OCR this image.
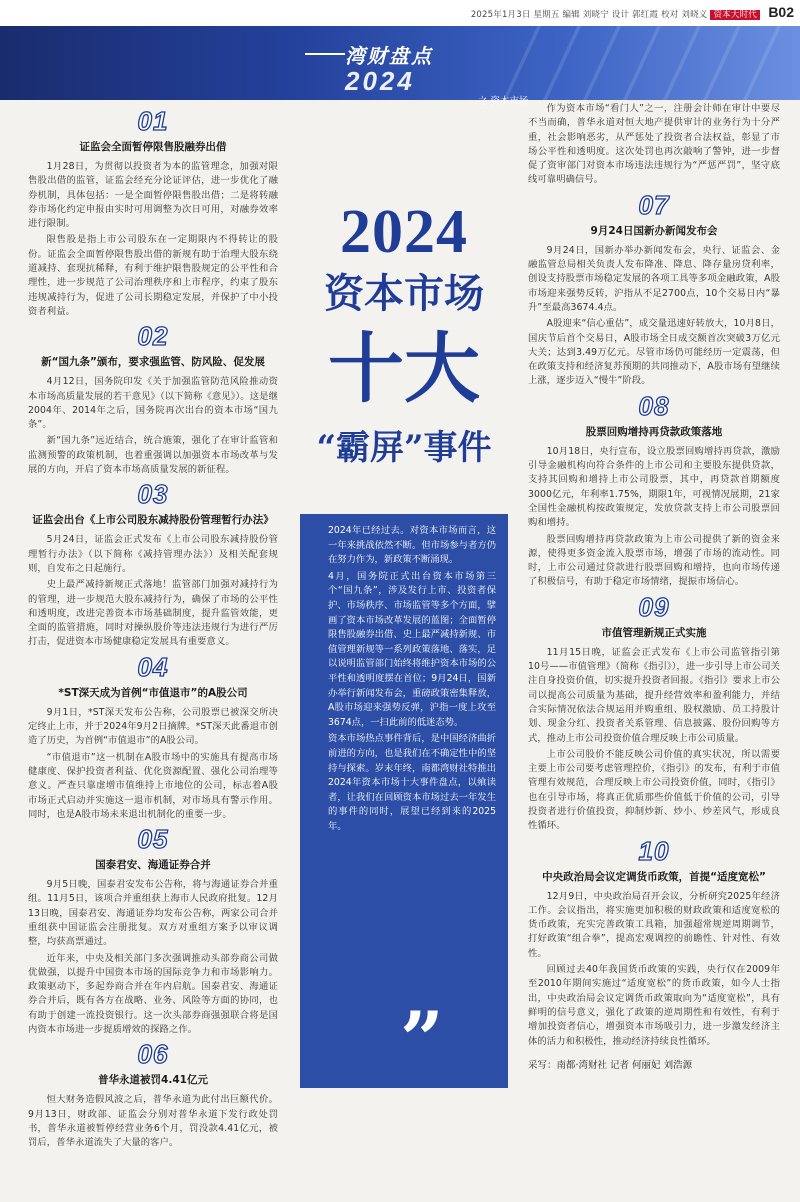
2025年1月3日 星期五 编辑 刘晓宁 设计 郭红霞 校对 刘晓义 资本大时代 B02
湾财盘点
2024
之 资本市场
01
证监会全面暂停限售股融券出借

1月28日，为贯彻以投资者为本的监管理念，加强对限售股出借的监管，证监会经充分论证评估，进一步优化了融券机制，具体包括：一是全面暂停限售股出借；二是将转融券市场化约定申报由实时可用调整为次日可用，对融券效率进行限制。

限售股是指上市公司股东在一定期限内不得转让的股份。证监会全面暂停限售股出借的新规有助于治理大股东绕道减持、套现抗稀释，有利于维护限售股规定的公平性和合理性，进一步规范了公司治理秩序和上市程序，约束了股东违规减持行为，促进了公司长期稳定发展，并保护了中小投资者利益。

02
新“国九条”颁布，要求强监管、防风险、促发展

4月12日，国务院印发《关于加强监管防范风险推动资本市场高质量发展的若干意见》（以下简称《意见》）。这是继2004年、2014年之后，国务院再次出台的资本市场“国九条”。

新“国九条”远近结合，统合施策，强化了在审计监管和监测预警的政策机制，也着重强调以加强资本市场改革与发展的方向，开启了资本市场高质量发展的新征程。

03
证监会出台《上市公司股东减持股份管理暂行办法》

5月24日，证监会正式发布《上市公司股东减持股份管理暂行办法》（以下简称《减持管理办法》）及相关配套规则，自发布之日起施行。

史上最严减持新规正式落地！监管部门加强对减持行为的管理，进一步规范大股东减持行为，确保了市场的公平性和透明度，改进完善资本市场基础制度，提升监管效能，更全面的监管措施，同时对操纵股价等违法违规行为进行严厉打击，促进资本市场健康稳定发展具有重要意义。

04
*ST深天成为首例“市值退市”的A股公司

9月1日，*ST深天发布公告称，公司股票已被深交所决定终止上市，并于2024年9月2日摘牌。*ST深天此番退市创造了历史，为首例“市值退市”的A股公司。

“市值退市”这一机制在A股市场中的实施具有提高市场健康度、保护投资者利益、优化资源配置、强化公司治理等意义。严查只靠虚增市值维持上市地位的公司，标志着A股市场正式启动并实施这一退市机制，对市场具有警示作用。同时，也是A股市场未来退出机制化的重要一步。

05
国泰君安、海通证券合并

9月5日晚，国泰君安发布公告称，将与海通证券合并重组。11月5日，该项合并重组获上海市人民政府批复。12月13日晚，国泰君安、海通证券均发布公告称，两家公司合并重组获中国证监会注册批复。双方对重组方案予以审议调整，均获高票通过。

近年来，中央及相关部门多次强调推动头部券商公司做优做强，以提升中国资本市场的国际竞争力和市场影响力。政策驱动下，多起券商合并在年内启航。国泰君安、海通证券合并后，既有各方在战略、业务、风险等方面的协同，也有助于创建一流投资银行。这一次头部券商强强联合将是国内资本市场进一步提质增效的探路之作。

06
普华永道被罚4.41亿元

恒大财务造假风波之后，普华永道为此付出巨额代价。9月13日，财政部、证监会分别对普华永道下发行政处罚书，普华永道被暂停经营业务6个月，罚没款4.41亿元，被罚后，普华永道流失了大量的客户。

2024
资本市场
十大
“霸屏”事件

2024年已经过去。对资本市场而言，这一年来挑战依然不断。但市场参与者方仍在努力作为，新政策不断涌现。

4月，国务院正式出台资本市场第三个“国九条”，涉及发行上市、投资者保护、市场秩序、市场监管等多个方面，擘画了资本市场改革发展的蓝图；全面暂停限售股融券出借、史上最严减持新规、市值管理新规等一系列政策落地、落实，足以说明监管部门始终将维护资本市场的公平性和透明度摆在首位；9月24日，国新办举行新闻发布会，重磅政策密集释放，A股市场迎来强势反弹，沪指一度上攻至3674点，一扫此前的低迷态势。

资本市场热点事件背后，是中国经济曲折前进的方向，也是我们在不确定性中的坚持与探索。岁末年终，南都湾财社特推出2024年资本市场十大事件盘点，以飨读者，让我们在回顾资本市场过去一年发生的事件的同时，展望已经到来的2025年。

”

作为资本市场“看门人”之一，注册会计师在审计中要尽不当而确，普华永道对恒大地产提供审计的业务行为十分严重，社会影响恶劣，从严惩处了投资者合法权益，彰显了市场公平性和透明度。这次处罚也再次敲响了警钟，进一步督促了资审部门对资本市场违法违规行为“严惩严罚”，坚守底线可靠明确信号。

07
9月24日国新办新闻发布会

9月24日，国新办举办新闻发布会，央行、证监会、金融监管总局相关负责人发布降准、降息、降存量房贷利率，创设支持股票市场稳定发展的各项工具等多项金融政策，A股市场迎来强势反转，沪指从不足2700点，10个交易日内“暴升”至最高3674.4点。

A股迎来“信心重估”，成交量迅速好转放大，10月8日，国庆节后首个交易日，A股市场全日成交额首次突破3万亿元大关；达到3.49万亿元。尽管市场仍可能经历一定震荡，但在政策支持和经济复苏预期的共同推动下，A股市场有望继续上涨，逐步迈入“慢牛”阶段。

08
股票回购增持再贷款政策落地

10月18日，央行宣布，设立股票回购增持再贷款，激励引导金融机构向符合条件的上市公司和主要股东提供贷款，支持其回购和增持上市公司股票，其中，再贷款首期额度3000亿元，年利率1.75%，期限1年，可视情况展期，21家全国性金融机构按政策规定，发放贷款支持上市公司股票回购和增持。

股票回购增持再贷款政策为上市公司提供了新的资金来源，使得更多资金流入股票市场，增强了市场的流动性。同时，上市公司通过贷款进行股票回购和增持，也向市场传递了积极信号，有助于稳定市场情绪，提振市场信心。

09
市值管理新规正式实施

11月15日晚，证监会正式发布《上市公司监管指引第10号——市值管理》（简称《指引》），进一步引导上市公司关注自身投资价值，切实提升投资者回报。《指引》要求上市公司以提高公司质量为基础，提升经营效率和盈利能力，并结合实际情况依法合规运用并购重组、股权激励、员工持股计划、现金分红、投资者关系管理、信息披露、股份回购等方式，推动上市公司投资价值合理反映上市公司质量。

上市公司股价不能反映公司价值的真实状况，所以需要主要上市公司要考虑管理控价，《指引》的发布，有利于市值管理有效规范，合理反映上市公司投资价值，同时，《指引》也在引导市场，将真正优质那些价值低于价值的公司，引导投资者进行价值投资，抑制炒新、炒小、炒差风气，形成良性循环。

10
中央政治局会议定调货币政策，首提“适度宽松”

12月9日，中央政治局召开会议，分析研究2025年经济工作。会议指出，将实施更加积极的财政政策和适度宽松的货币政策，充实完善政策工具箱，加强超常规逆周期调节，打好政策“组合拳”，提高宏观调控的前瞻性、针对性、有效性。

回顾过去40年我国货币政策的实践，央行仅在2009年至2010年期间实施过“适度宽松”的货币政策，如今人士指出，中央政治局会议定调货币政策取向为“适度宽松”，具有鲜明的信号意义，强化了政策的逆周期性和有效性，有利于增加投资者信心，增强资本市场吸引力，进一步激发经济主体的活力和积极性，推动经济持续良性循环。

采写：南都·湾财社 记者 何丽妃 刘浩源
